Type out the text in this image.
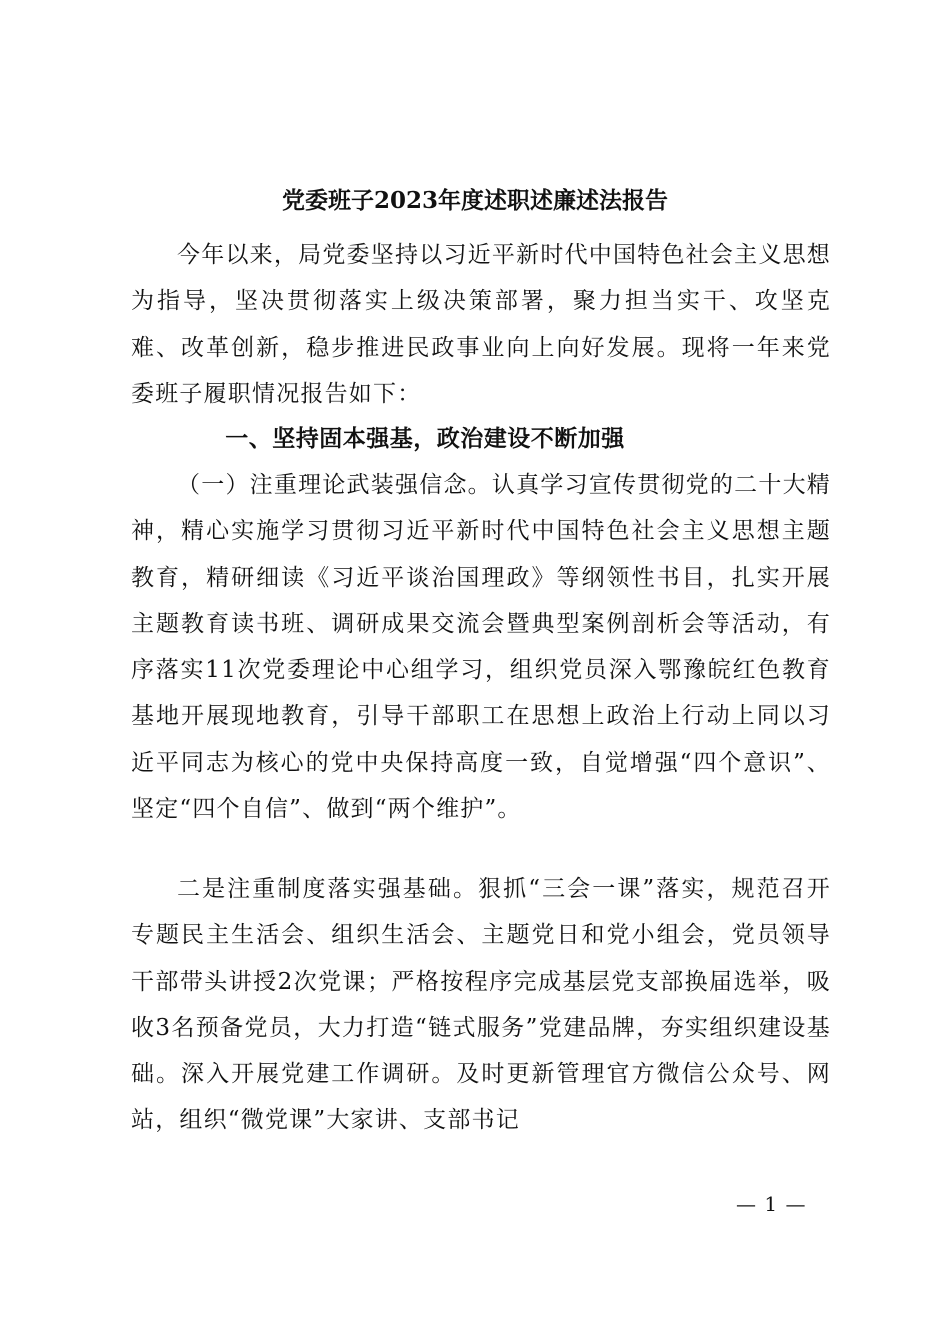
党委班子2023年度述职述廉述法报告

今年以来，局党委坚持以习近平新时代中国特色社会主义思想为指导，坚决贯彻落实上级决策部署，聚力担当实干、攻坚克难、改革创新，稳步推进民政事业向上向好发展。现将一年来党委班子履职情况报告如下：

一、坚持固本强基，政治建设不断加强

（一）注重理论武装强信念。认真学习宣传贯彻党的二十大精神，精心实施学习贯彻习近平新时代中国特色社会主义思想主题教育，精研细读《习近平谈治国理政》等纲领性书目，扎实开展主题教育读书班、调研成果交流会暨典型案例剖析会等活动，有序落实11次党委理论中心组学习，组织党员深入鄂豫皖红色教育基地开展现地教育，引导干部职工在思想上政治上行动上同以习近平同志为核心的党中央保持高度一致，自觉增强“四个意识”、坚定“四个自信”、做到“两个维护”。

二是注重制度落实强基础。狠抓“三会一课”落实，规范召开专题民主生活会、组织生活会、主题党日和党小组会，党员领导干部带头讲授2次党课；严格按程序完成基层党支部换届选举，吸收3名预备党员，大力打造“链式服务”党建品牌，夯实组织建设基础。深入开展党建工作调研。及时更新管理官方微信公众号、网站，组织“微党课”大家讲、支部书记

— 1 —
